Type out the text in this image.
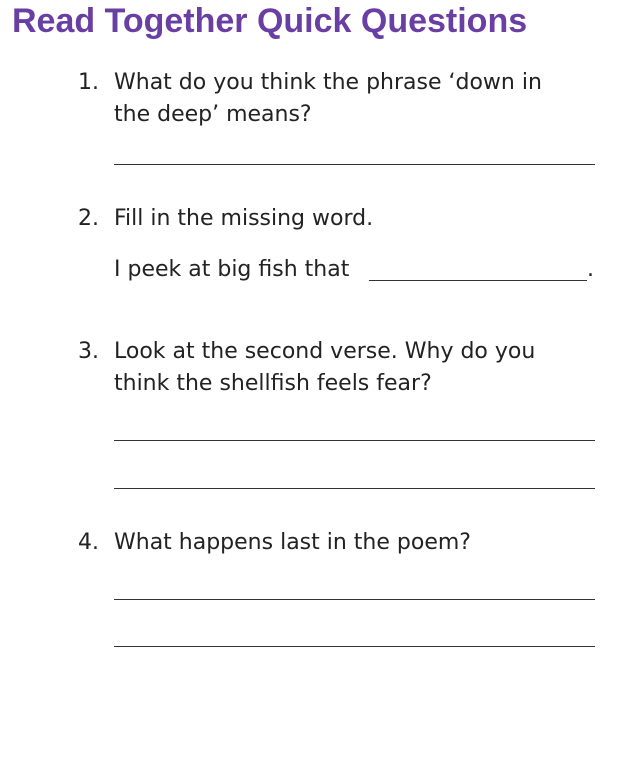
Read Together Quick Questions
1. What do you think the phrase ‘down in
the deep’ means?
2. Fill in the missing word.
I peek at big fish that	.
3. Look at the second verse. Why do you
think the shellfish feels fear?
4. What happens last in the poem?
